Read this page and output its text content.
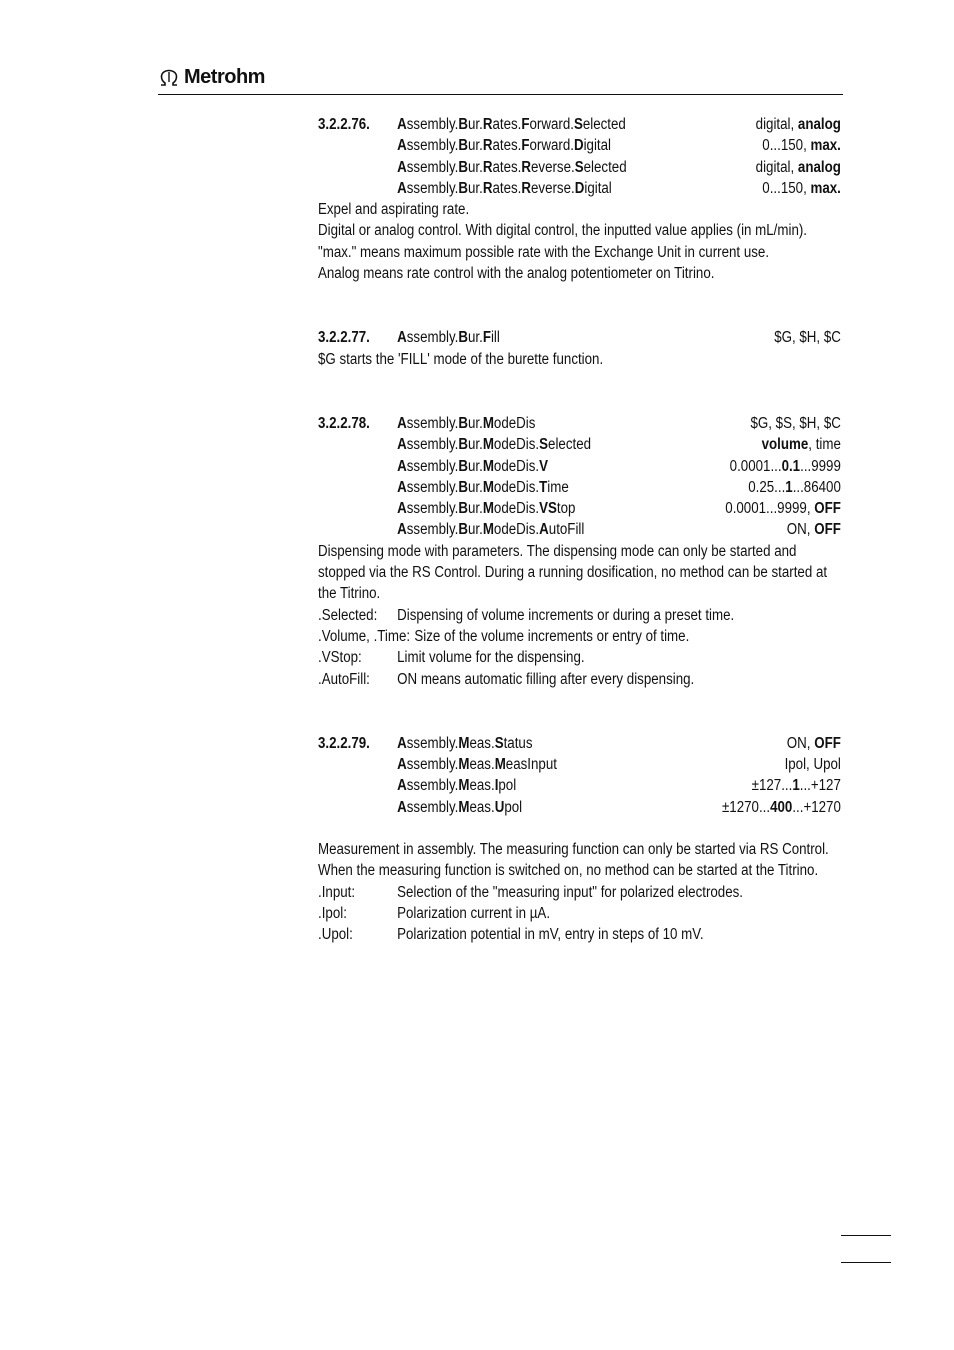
Metrohm
3.2.2.76.	Assembly.Bur.Rates.Forward.Selected	digital, analog
Assembly.Bur.Rates.Forward.Digital	0...150, max.
Assembly.Bur.Rates.Reverse.Selected	digital, analog
Assembly.Bur.Rates.Reverse.Digital	0...150, max.
Expel and aspirating rate.
Digital or analog control. With digital control, the inputted value applies (in mL/min). "max." means maximum possible rate with the Exchange Unit in current use.
Analog means rate control with the analog potentiometer on Titrino.
3.2.2.77.	Assembly.Bur.Fill	$G, $H, $C
$G starts the 'FILL' mode of the burette function.
3.2.2.78.	Assembly.Bur.ModeDis	$G, $S, $H, $C
Assembly.Bur.ModeDis.Selected	volume, time
Assembly.Bur.ModeDis.V	0.0001...0.1...9999
Assembly.Bur.ModeDis.Time	0.25...1...86400
Assembly.Bur.ModeDis.VStop	0.0001...9999, OFF
Assembly.Bur.ModeDis.AutoFill	ON, OFF
Dispensing mode with parameters. The dispensing mode can only be started and stopped via the RS Control. During a running dosification, no method can be started at the Titrino.
.Selected:	Dispensing of volume increments or during a preset time.
.Volume, .Time: Size of the volume increments or entry of time.
.VStop:	Limit volume for the dispensing.
.AutoFill:	ON means automatic filling after every dispensing.
3.2.2.79.	Assembly.Meas.Status	ON, OFF
Assembly.Meas.MeasInput	Ipol, Upol
Assembly.Meas.Ipol	±127...1...+127
Assembly.Meas.Upol	±1270...400...+1270
Measurement in assembly. The measuring function can only be started via RS Control. When the measuring function is switched on, no method can be started at the Titrino.
.Input:	Selection of the "measuring input" for polarized electrodes.
.Ipol:	Polarization current in µA.
.Upol:	Polarization potential in mV, entry in steps of 10 mV.
